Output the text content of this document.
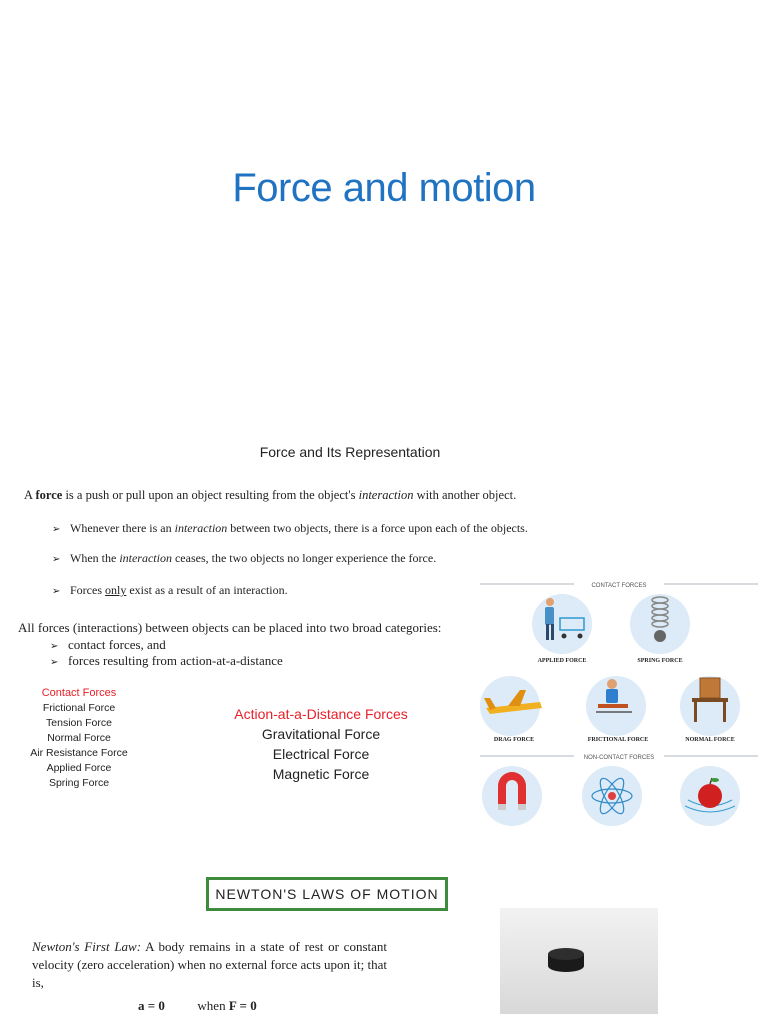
Force and motion
Force and Its Representation
A force is a push or pull upon an object resulting from the object's interaction with another object.
➢ Whenever there is an interaction between two objects, there is a force upon each of the objects.
➢ When the interaction ceases, the two objects no longer experience the force.
➢ Forces only exist as a result of an interaction.
All forces (interactions) between objects can be placed into two broad categories:
➢ contact forces, and
➢ forces resulting from action-at-a-distance
Contact Forces
Frictional Force
Tension Force
Normal Force
Air Resistance Force
Applied Force
Spring Force
Action-at-a-Distance Forces
Gravitational Force
Electrical Force
Magnetic Force
CONTACT FORCES
APPLIED FORCE	SPRING FORCE
DRAG FORCE	FRICTIONAL FORCE	NORMAL FORCE
NON-CONTACT FORCES
NEWTON'S LAWS OF MOTION
Newton's First Law: A body remains in a state of rest or constant velocity (zero acceleration) when no external force acts upon it; that is,
a = 0	when F = 0
